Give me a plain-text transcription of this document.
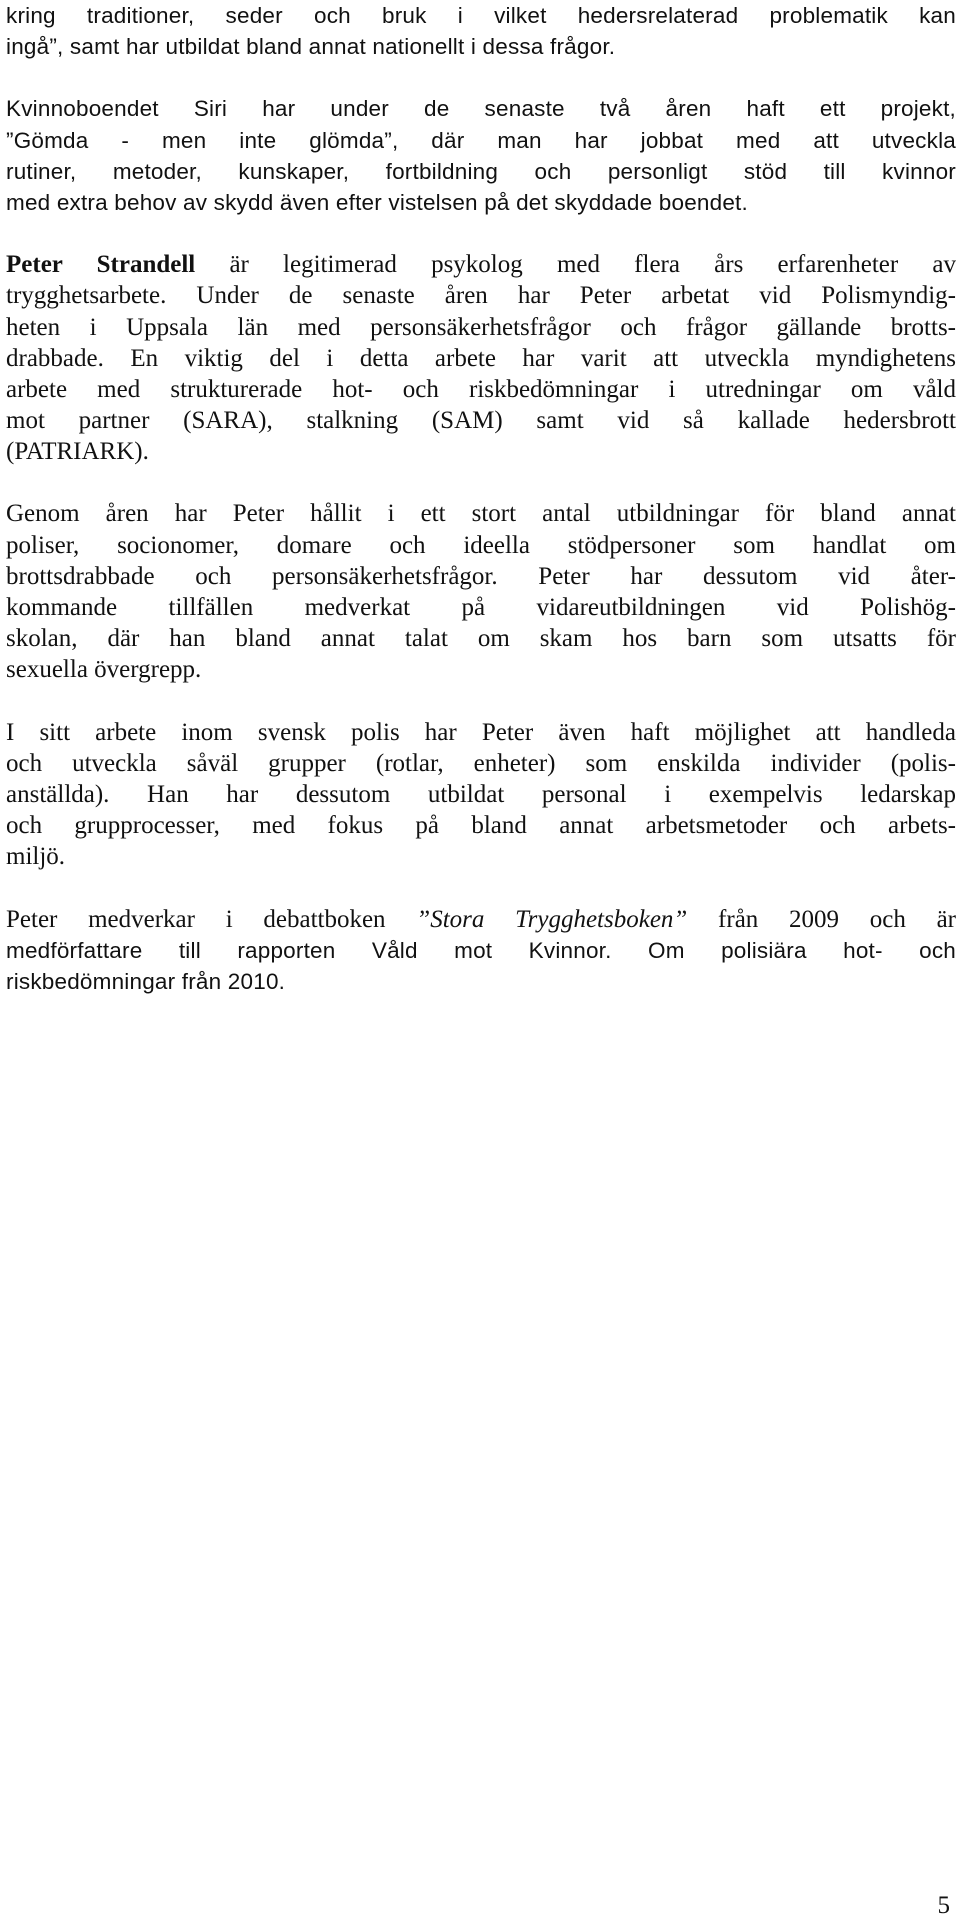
kring traditioner, seder och bruk i vilket hedersrelaterad problematik kan
ingå”, samt har utbildat bland annat nationellt i dessa frågor.
Kvinnoboendet Siri har under de senaste två åren haft ett projekt,
”Gömda - men inte glömda”, där man har jobbat med att utveckla
rutiner, metoder, kunskaper, fortbildning och personligt stöd till kvinnor
med extra behov av skydd även efter vistelsen på det skyddade boendet.
Peter Strandell är legitimerad psykolog med flera års erfarenheter av
trygghetsarbete. Under de senaste åren har Peter arbetat vid Polismyndig-
heten i Uppsala län med personsäkerhetsfrågor och frågor gällande brotts-
drabbade. En viktig del i detta arbete har varit att utveckla myndighetens
arbete med strukturerade hot- och riskbedömningar i utredningar om våld
mot partner (SARA), stalkning (SAM) samt vid så kallade hedersbrott
(PATRIARK).
Genom åren har Peter hållit i ett stort antal utbildningar för bland annat
poliser, socionomer, domare och ideella stödpersoner som handlat om
brottsdrabbade och personsäkerhetsfrågor. Peter har dessutom vid åter-
kommande tillfällen medverkat på vidareutbildningen vid Polishög-
skolan, där han bland annat talat om skam hos barn som utsatts för
sexuella övergrepp.
I sitt arbete inom svensk polis har Peter även haft möjlighet att handleda
och utveckla såväl grupper (rotlar, enheter) som enskilda individer (polis-
anställda). Han har dessutom utbildat personal i exempelvis ledarskap
och grupprocesser, med fokus på bland annat arbetsmetoder och arbets-
miljö.
Peter medverkar i debattboken ”Stora Trygghetsboken” från 2009 och är
medförfattare till rapporten Våld mot Kvinnor. Om polisiära hot- och
riskbedömningar från 2010.
5
